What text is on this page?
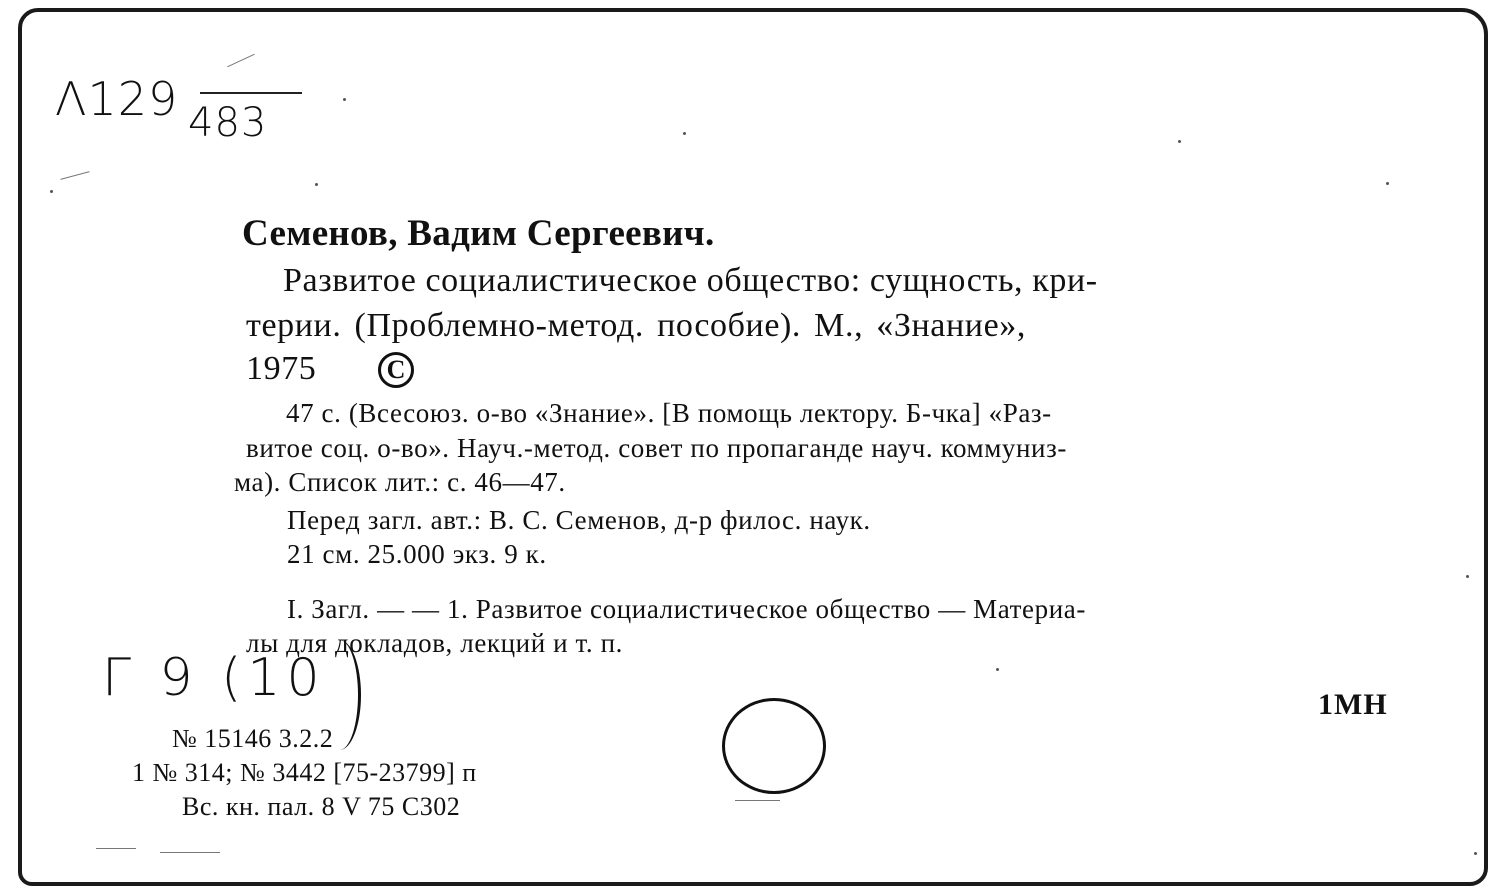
Λ129 483
Семенов, Вадим Сергеевич.
Развитое социалистическое общество: сущность, кри-
терии. (Проблемно-метод. пособие). М., «Знание»,
1975	C
47 с. (Всесоюз. о-во «Знание». [В помощь лектору. Б-чка] «Раз-
витое соц. о-во». Науч.-метод. совет по пропаганде науч. коммуниз-
ма). Список лит.: с. 46—47.
Перед загл. авт.: В. С. Семенов, д-р филос. наук.
21 см. 25.000 экз. 9 к.
I. Загл. — — 1. Развитое социалистическое общество — Материа-
лы для докладов, лекций и т. п.
Г 9 (10	1МН
№ 15146 3.2.2
1 № 314; № 3442 [75-23799] п
Вс. кн. пал. 8 V 75 С302
